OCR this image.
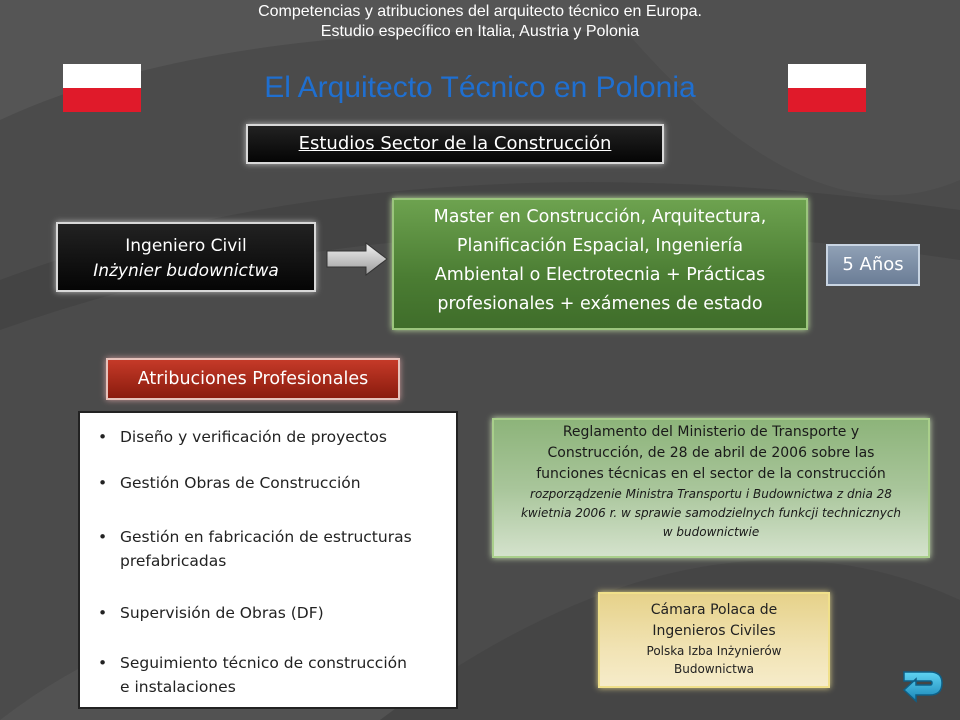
Competencias y atribuciones del arquitecto técnico en Europa.
Estudio específico en Italia, Austria y Polonia
El Arquitecto Técnico en Polonia
Estudios Sector de la Construcción
Ingeniero Civil
Inżynier budownictwa
Master en Construcción, Arquitectura,
Planificación Espacial, Ingeniería
Ambiental o Electrotecnia + Prácticas
profesionales + exámenes de estado
5 Años
Atribuciones Profesionales
• Diseño y verificación de proyectos
• Gestión Obras de Construcción
• Gestión en fabricación de estructuras
prefabricadas
• Supervisión de Obras (DF)
• Seguimiento técnico de construcción
e instalaciones
Reglamento del Ministerio de Transporte y
Construcción, de 28 de abril de 2006 sobre las
funciones técnicas en el sector de la construcción
rozporządzenie Ministra Transportu i Budownictwa z dnia 28
kwietnia 2006 r. w sprawie samodzielnych funkcji technicznych
w budownictwie
Cámara Polaca de
Ingenieros Civiles
Polska Izba Inżynierów
Budownictwa
